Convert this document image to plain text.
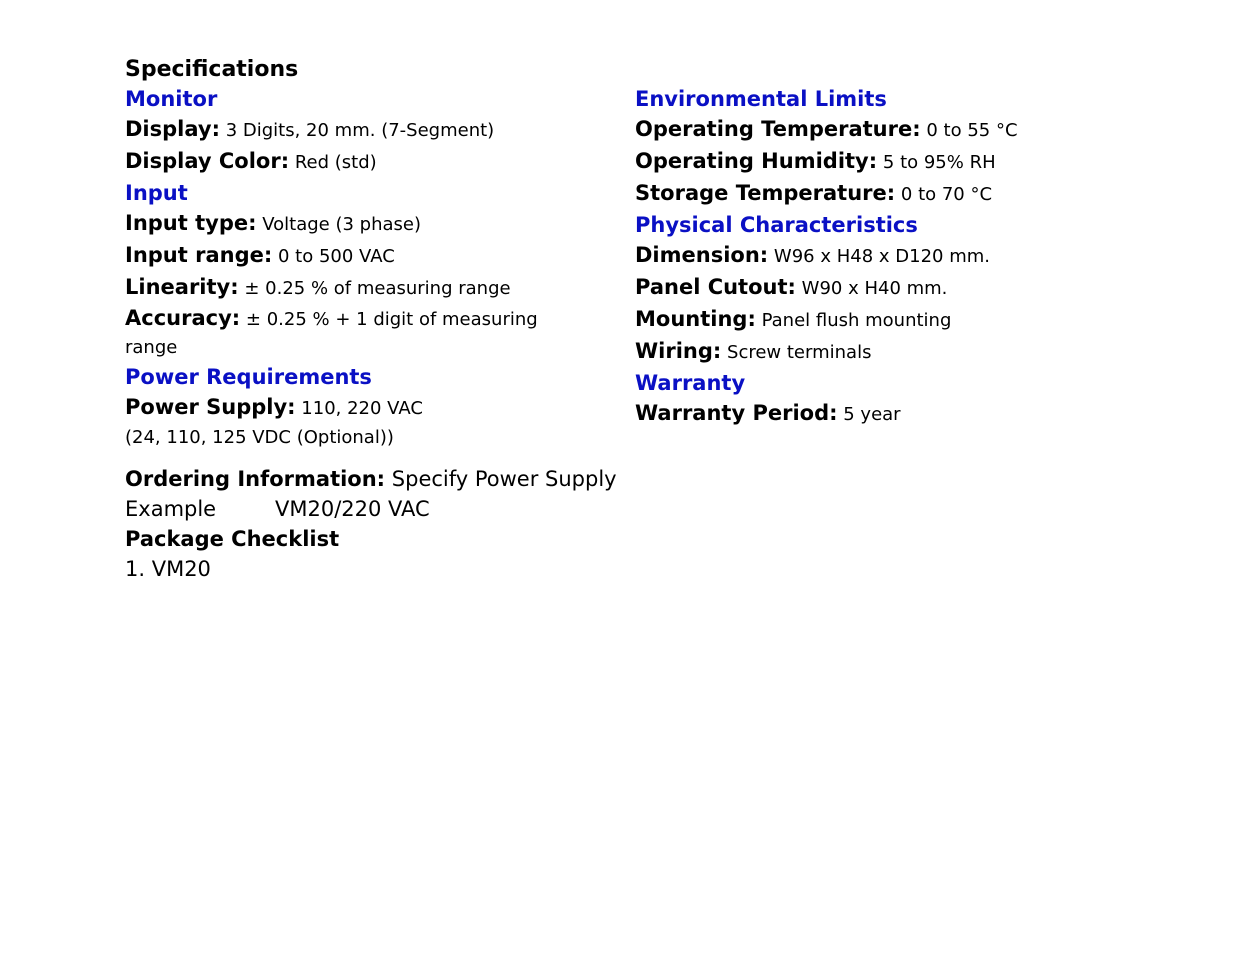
Specifications
Monitor

Display: 3 Digits, 20 mm. (7-Segment)

Display Color: Red (std)

Input

Input type: Voltage (3 phase)

Input range: 0 to 500 VAC

Linearity: ± 0.25 % of measuring range

Accuracy: ± 0.25 % + 1 digit of measuring range

Power Requirements

Power Supply: 110, 220 VAC

(24, 110, 125 VDC (Optional))

Environmental Limits

Operating Temperature: 0 to 55 °C

Operating Humidity: 5 to 95% RH

Storage Temperature: 0 to 70 °C

Physical Characteristics

Dimension: W96 x H48 x D120 mm.

Panel Cutout: W90 x H40 mm.

Mounting: Panel flush mounting

Wiring: Screw terminals

Warranty

Warranty Period: 5 year

Ordering Information: Specify Power Supply

Example	VM20/220 VAC

Package Checklist

1. VM20
